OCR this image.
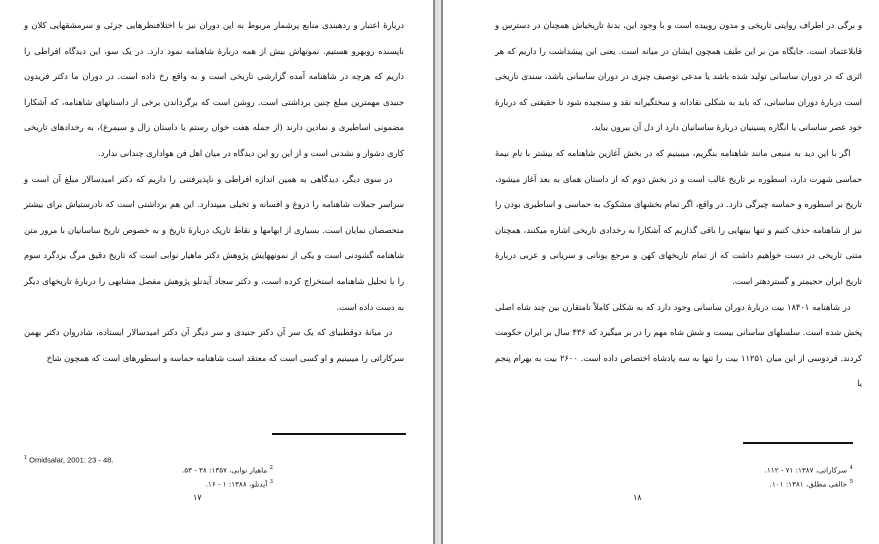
دربارهٔ اعتبار و ردهبندی منابع پرشمار مربوط به این دوران نیز با اختلافنظرهایی جزئی و سرمشقهایی کلان و ناپسنده روبهرو هستیم. نمونهاش بیش از همه دربارهٔ شاهنامه نمود دارد. در یک سو، این دیدگاه افراطی را داریم که هرچه در شاهنامه آمده گزارشی تاریخی است و به واقع رخ داده است. در دوران ما دکتر فریدون جنیدی مهمترین مبلغ چنین برداشتی است. روشن است که برگرداندن برخی از داستانهای شاهنامه، که آشکارا مضمونی اساطیری و نمادین دارند (از جمله هفت خوان رستم یا داستان زال و سیمرغ)، به رخدادهای تاریخی کاری دشوار و نشدنی است و از این رو این دیدگاه در میان اهل فن هواداری چندانی ندارد.

در سوی دیگر، دیدگاهی به همین اندازه افراطی و ناپذیرفتنی را داریم که دکتر امیدسالار مبلغ آن است و سراسر جملات شاهنامه را دروغ و افسانه و تخیلی میپندارد. این هم برداشتی است که نادرستیاش برای بیشتر متخصصان نمایان است. بسیاری از ابهامها و نقاط تاریک دربارهٔ تاریخ و به خصوص تاریخ ساسانیان با مرور متن شاهنامه گشودنی است و یکی از نمونههایش پژوهش دکتر ماهیار نوابی است که تاریخ دقیق مرگ یزدگرد سوم را با تحلیل شاهنامه استخراج کرده است، و دکتر سجاد آیدنلو پژوهش مفصل مشابهی را دربارهٔ تاریخهای دیگر به دست داده است.

در میانهٔ دوقطبیای که یک سر آن دکتر جنیدی و سر دیگر آن دکتر امیدسالار ایستاده، شادروان دکتر بهمن سرکاراتی را میبینیم و او کسی است که معتقد است شاهنامه حماسه و اسطورهای است که همچون شاخ

$^1$ Omidsalar, 2001: 23 - 48.
$^2$ ماهیار نوابی، ۱۳۵۷: ۳۸ - ۵۳.
$^3$ آیدنلو، ۱۳۸۸: ۱ - ۱۶.
۱۷

و برگی در اطراف روایتی تاریخی و مدون روییده است و با وجود این، بدنهٔ تاریخیاش همچنان در دسترس و قابلاعتماد است. جایگاه من بر این طیف همچون ایشان در میانه است. یعنی این پیشداشت را داریم که هر اثری که در دوران ساسانی تولید شده باشد یا مدعی توصیف چیزی در دوران ساسانی باشد، سندی تاریخی است دربارهٔ دوران ساسانی، که باید به شکلی نقادانه و سختگیرانه نقد و سنجیده شود تا حقیقتی که دربارهٔ خود عصر ساسانی یا انگاره پسینیان دربارهٔ ساسانیان دارد از دل آن بیرون بیاید.

اگر با این دید به منبعی مانند شاهنامه بنگریم، میبینیم که در بخش آغازین شاهنامه که بیشتر با نام نیمهٔ حماسی شهرت دارد، اسطوره بر تاریخ غالب است و در بخش دوم که از داستان همای به بعد آغاز میشود، تاریخ بر اسطوره و حماسه چیرگی دارد. در واقع، اگر تمام بخشهای مشکوک به حماسی و اساطیری بودن را نیز از شاهنامه حذف کنیم و تنها بیتهایی را باقی گذاریم که آشکارا به رخدادی تاریخی اشاره میکنند، همچنان متنی تاریخی در دست خواهیم داشت که از تمام تاریخهای کهن و مرجع یونانی و سریانی و عربی دربارهٔ تاریخ ایران حجیمتر و گستردهتر است.

در شاهنامه ۱۸۴۰۱ بیت دربارهٔ دوران ساسانی وجود دارد که به شکلی کاملاً نامتقارن بین چند شاه اصلی پخش شده است. سلسلهای ساسانی بیست و شش شاه مهم را در بر میگیرد که ۴۳۶ سال بر ایران حکومت کردند. فردوسی از این میان ۱۱۲۵۱ بیت را تنها به سه پادشاه اختصاص داده است. ۲۶۰۰ بیت به بهرام پنجم یا

$^4$ سرکاراتی، ۱۳۸۷: ۷۱ - ۱۱۲.
$^5$ خالقی مطلق، ۱۳۸۱: ۱۰۱.
۱۸
